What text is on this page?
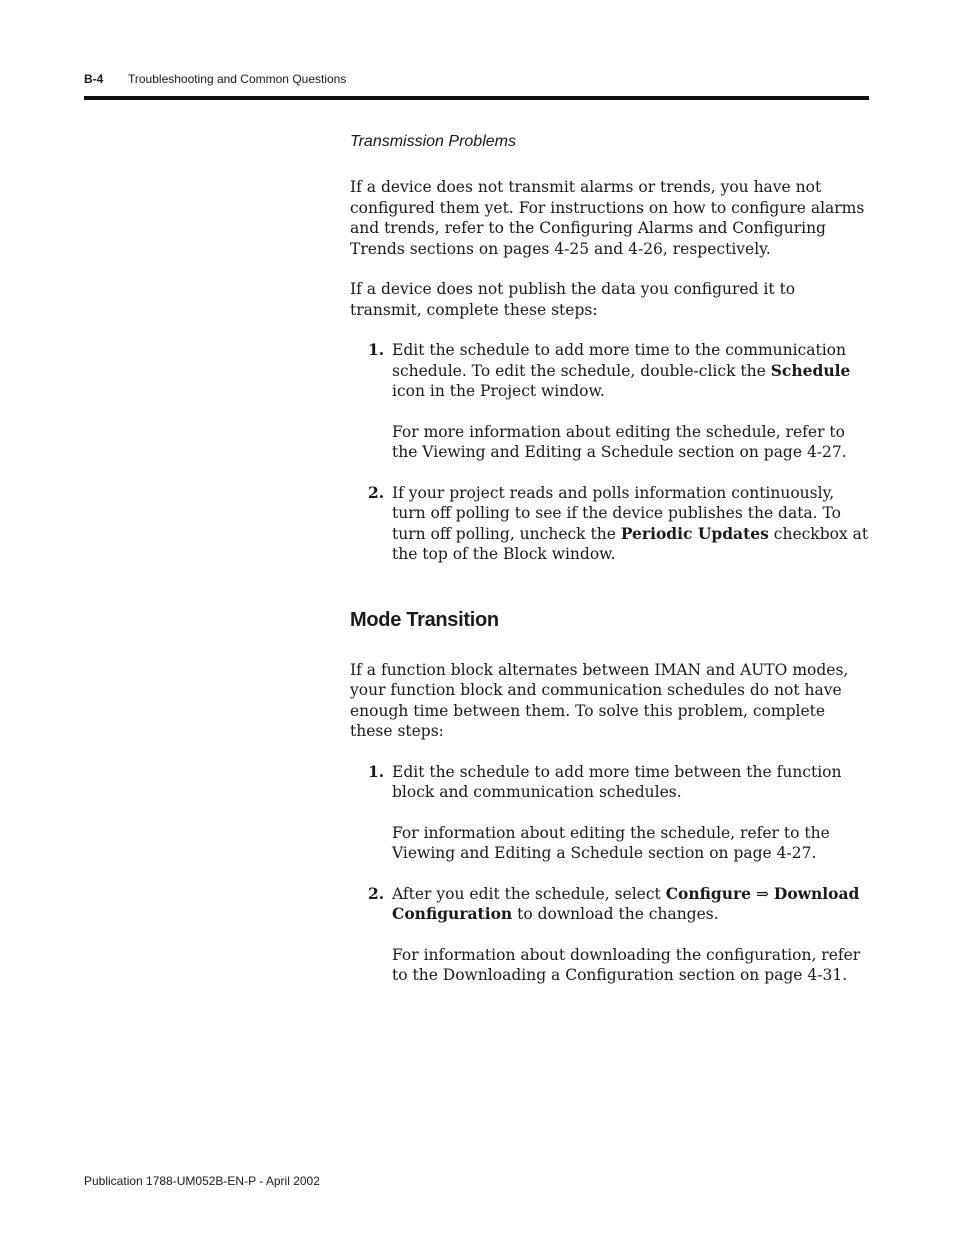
B-4 Troubleshooting and Common Questions
Transmission Problems

If a device does not transmit alarms or trends, you have not configured them yet. For instructions on how to configure alarms and trends, refer to the Configuring Alarms and Configuring Trends sections on pages 4-25 and 4-26, respectively.

If a device does not publish the data you configured it to transmit, complete these steps:

1. Edit the schedule to add more time to the communication schedule. To edit the schedule, double-click the Schedule icon in the Project window.

For more information about editing the schedule, refer to the Viewing and Editing a Schedule section on page 4-27.

2. If your project reads and polls information continuously, turn off polling to see if the device publishes the data. To turn off polling, uncheck the Periodic Updates checkbox at the top of the Block window.

Mode Transition

If a function block alternates between IMAN and AUTO modes, your function block and communication schedules do not have enough time between them. To solve this problem, complete these steps:

1. Edit the schedule to add more time between the function block and communication schedules.

For information about editing the schedule, refer to the Viewing and Editing a Schedule section on page 4-27.

2. After you edit the schedule, select Configure ⇒ Download Configuration to download the changes.

For information about downloading the configuration, refer to the Downloading a Configuration section on page 4-31.

Publication 1788-UM052B-EN-P - April 2002
